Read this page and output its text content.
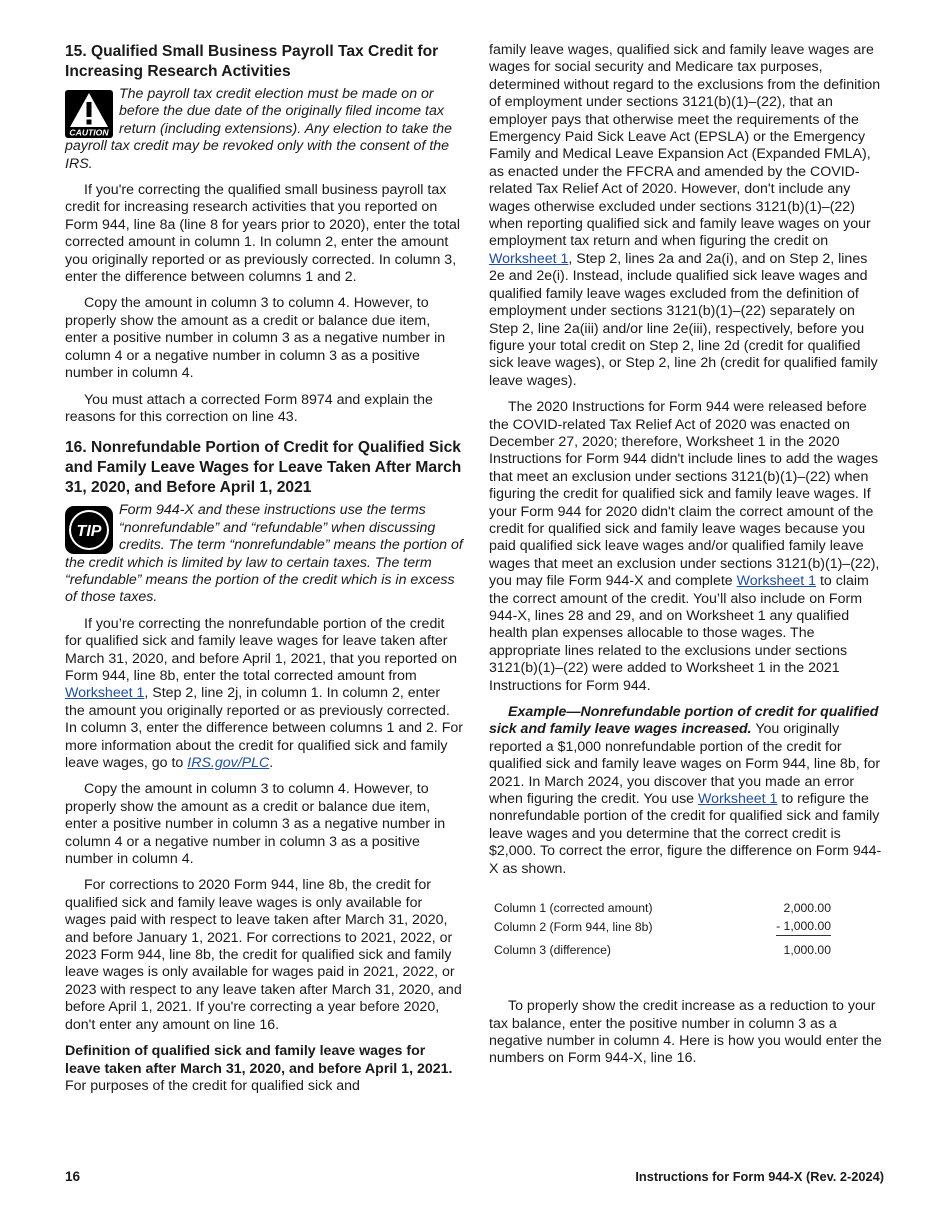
15. Qualified Small Business Payroll Tax Credit for Increasing Research Activities
CAUTION
The payroll tax credit election must be made on or before the due date of the originally filed income tax return (including extensions). Any election to take the payroll tax credit may be revoked only with the consent of the IRS.

If you're correcting the qualified small business payroll tax credit for increasing research activities that you reported on Form 944, line 8a (line 8 for years prior to 2020), enter the total corrected amount in column 1. In column 2, enter the amount you originally reported or as previously corrected. In column 3, enter the difference between columns 1 and 2.

Copy the amount in column 3 to column 4. However, to properly show the amount as a credit or balance due item, enter a positive number in column 3 as a negative number in column 4 or a negative number in column 3 as a positive number in column 4.

You must attach a corrected Form 8974 and explain the reasons for this correction on line 43.

16. Nonrefundable Portion of Credit for Qualified Sick and Family Leave Wages for Leave Taken After March 31, 2020, and Before April 1, 2021
TIP
Form 944-X and these instructions use the terms “nonrefundable” and “refundable” when discussing credits. The term “nonrefundable” means the portion of the credit which is limited by law to certain taxes. The term “refundable” means the portion of the credit which is in excess of those taxes.

If you’re correcting the nonrefundable portion of the credit for qualified sick and family leave wages for leave taken after March 31, 2020, and before April 1, 2021, that you reported on Form 944, line 8b, enter the total corrected amount from Worksheet 1, Step 2, line 2j, in column 1. In column 2, enter the amount you originally reported or as previously corrected. In column 3, enter the difference between columns 1 and 2. For more information about the credit for qualified sick and family leave wages, go to IRS.gov/PLC.

Copy the amount in column 3 to column 4. However, to properly show the amount as a credit or balance due item, enter a positive number in column 3 as a negative number in column 4 or a negative number in column 3 as a positive number in column 4.

For corrections to 2020 Form 944, line 8b, the credit for qualified sick and family leave wages is only available for wages paid with respect to leave taken after March 31, 2020, and before January 1, 2021. For corrections to 2021, 2022, or 2023 Form 944, line 8b, the credit for qualified sick and family leave wages is only available for wages paid in 2021, 2022, or 2023 with respect to any leave taken after March 31, 2020, and before April 1, 2021. If you're correcting a year before 2020, don't enter any amount on line 16.

Definition of qualified sick and family leave wages for leave taken after March 31, 2020, and before April 1, 2021. For purposes of the credit for qualified sick and

family leave wages, qualified sick and family leave wages are wages for social security and Medicare tax purposes, determined without regard to the exclusions from the definition of employment under sections 3121(b)(1)–(22), that an employer pays that otherwise meet the requirements of the Emergency Paid Sick Leave Act (EPSLA) or the Emergency Family and Medical Leave Expansion Act (Expanded FMLA), as enacted under the FFCRA and amended by the COVID-related Tax Relief Act of 2020. However, don't include any wages otherwise excluded under sections 3121(b)(1)–(22) when reporting qualified sick and family leave wages on your employment tax return and when figuring the credit on Worksheet 1, Step 2, lines 2a and 2a(i), and on Step 2, lines 2e and 2e(i). Instead, include qualified sick leave wages and qualified family leave wages excluded from the definition of employment under sections 3121(b)(1)–(22) separately on Step 2, line 2a(iii) and/or line 2e(iii), respectively, before you figure your total credit on Step 2, line 2d (credit for qualified sick leave wages), or Step 2, line 2h (credit for qualified family leave wages).

The 2020 Instructions for Form 944 were released before the COVID-related Tax Relief Act of 2020 was enacted on December 27, 2020; therefore, Worksheet 1 in the 2020 Instructions for Form 944 didn't include lines to add the wages that meet an exclusion under sections 3121(b)(1)–(22) when figuring the credit for qualified sick and family leave wages. If your Form 944 for 2020 didn't claim the correct amount of the credit for qualified sick and family leave wages because you paid qualified sick leave wages and/or qualified family leave wages that meet an exclusion under sections 3121(b)(1)–(22), you may file Form 944-X and complete Worksheet 1 to claim the correct amount of the credit. You’ll also include on Form 944-X, lines 28 and 29, and on Worksheet 1 any qualified health plan expenses allocable to those wages. The appropriate lines related to the exclusions under sections 3121(b)(1)–(22) were added to Worksheet 1 in the 2021 Instructions for Form 944.

Example—Nonrefundable portion of credit for qualified sick and family leave wages increased. You originally reported a $1,000 nonrefundable portion of the credit for qualified sick and family leave wages on Form 944, line 8b, for 2021. In March 2024, you discover that you made an error when figuring the credit. You use Worksheet 1 to refigure the nonrefundable portion of the credit for qualified sick and family leave wages and you determine that the correct credit is $2,000. To correct the error, figure the difference on Form 944-X as shown.

Column 1 (corrected amount)	2,000.00
Column 2 (Form 944, line 8b)	- 1,000.00
Column 3 (difference)	1,000.00

To properly show the credit increase as a reduction to your tax balance, enter the positive number in column 3 as a negative number in column 4. Here is how you would enter the numbers on Form 944-X, line 16.

16	Instructions for Form 944-X (Rev. 2-2024)
